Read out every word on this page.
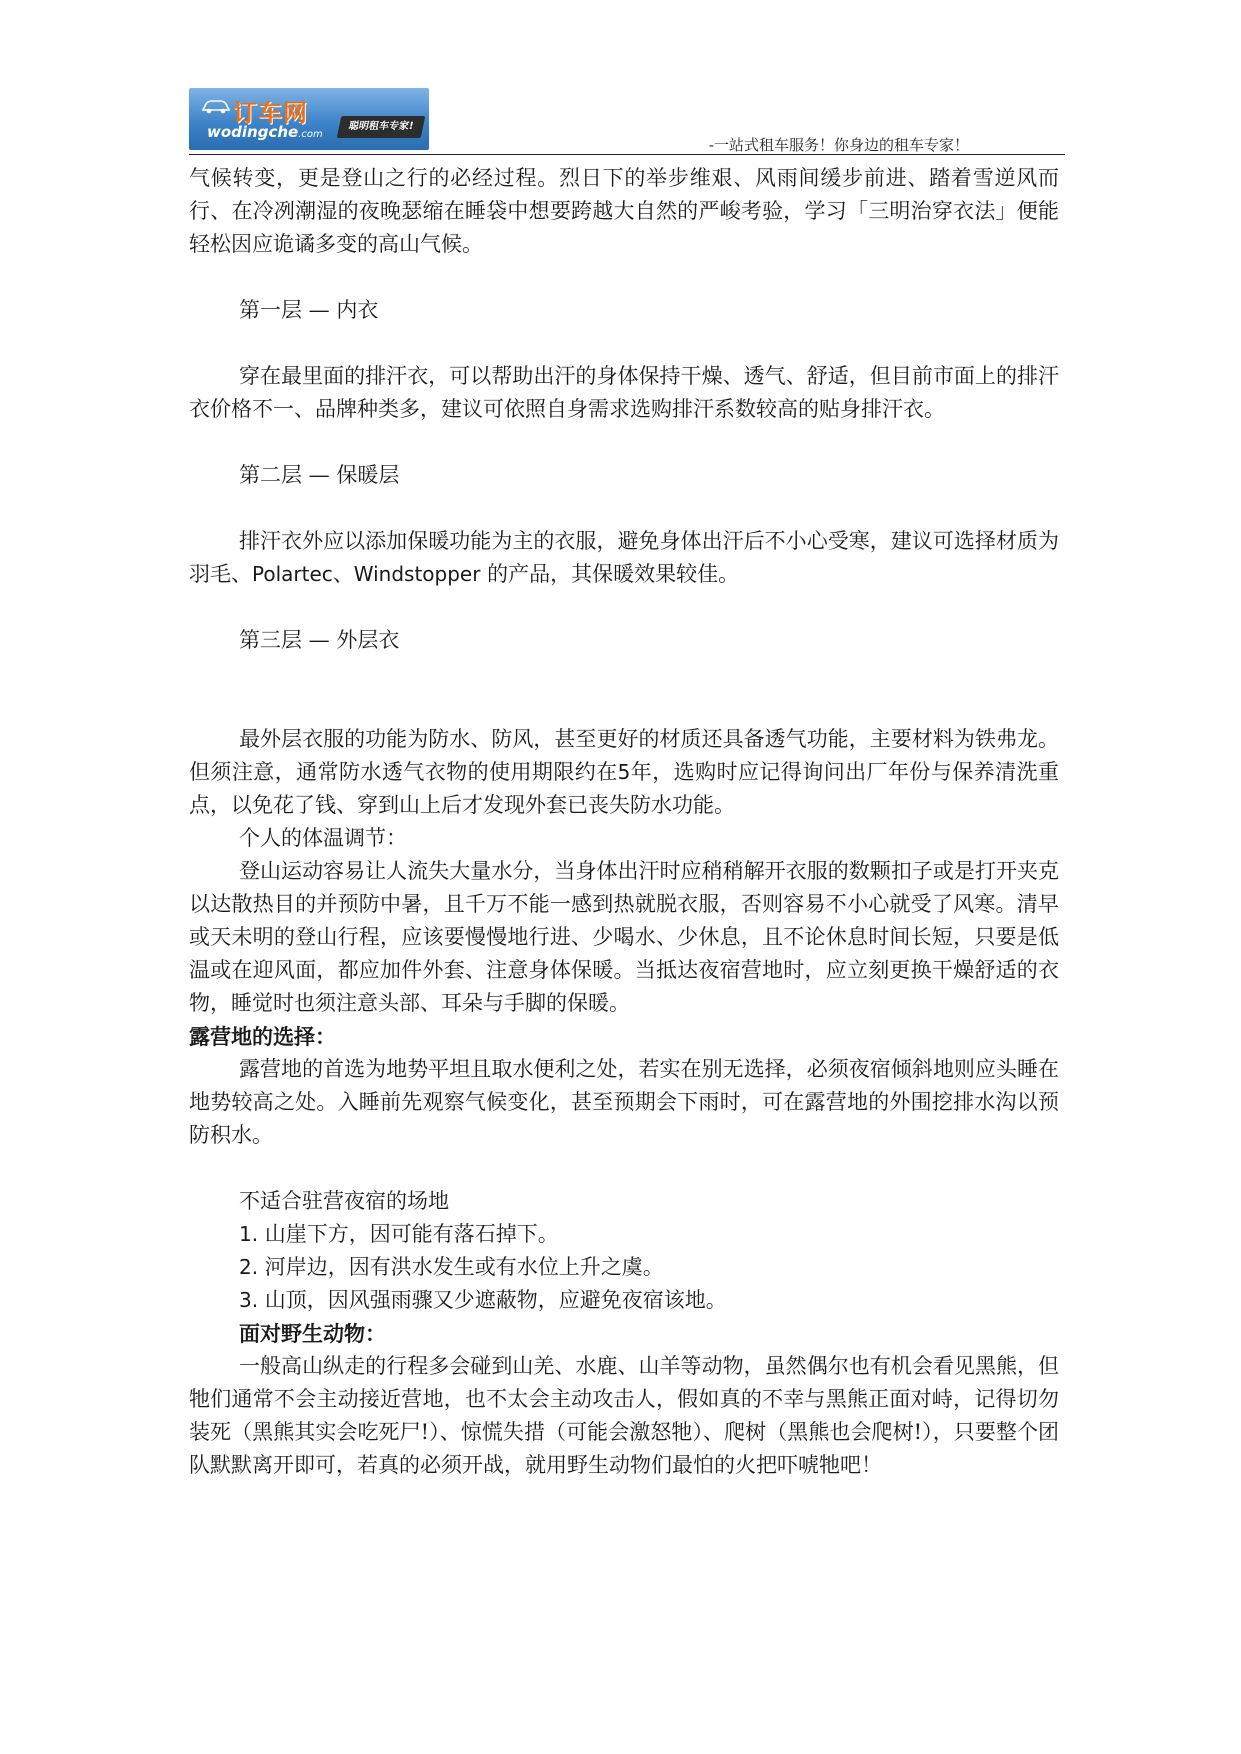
订车网
wodingche.com
聪明租车专家!
-一站式租车服务！你身边的租车专家！

气候转变，更是登山之行的必经过程。烈日下的举步维艰、风雨间缓步前进、踏着雪逆风而行、在冷冽潮湿的夜晚瑟缩在睡袋中想要跨越大自然的严峻考验，学习「三明治穿衣法」便能轻松因应诡谲多变的高山气候。

第一层 — 内衣

穿在最里面的排汗衣，可以帮助出汗的身体保持干燥、透气、舒适，但目前市面上的排汗衣价格不一、品牌种类多，建议可依照自身需求选购排汗系数较高的贴身排汗衣。

第二层 — 保暖层

排汗衣外应以添加保暖功能为主的衣服，避免身体出汗后不小心受寒，建议可选择材质为羽毛、Polartec、Windstopper 的产品，其保暖效果较佳。

第三层 — 外层衣

最外层衣服的功能为防水、防风，甚至更好的材质还具备透气功能，主要材料为铁弗龙。但须注意，通常防水透气衣物的使用期限约在5年，选购时应记得询问出厂年份与保养清洗重点，以免花了钱、穿到山上后才发现外套已丧失防水功能。

个人的体温调节：

登山运动容易让人流失大量水分，当身体出汗时应稍稍解开衣服的数颗扣子或是打开夹克以达散热目的并预防中暑，且千万不能一感到热就脱衣服，否则容易不小心就受了风寒。清早或天未明的登山行程，应该要慢慢地行进、少喝水、少休息，且不论休息时间长短，只要是低温或在迎风面，都应加件外套、注意身体保暖。当抵达夜宿营地时，应立刻更换干燥舒适的衣物，睡觉时也须注意头部、耳朵与手脚的保暖。

露营地的选择：

露营地的首选为地势平坦且取水便利之处，若实在别无选择，必须夜宿倾斜地则应头睡在地势较高之处。入睡前先观察气候变化，甚至预期会下雨时，可在露营地的外围挖排水沟以预防积水。

不适合驻营夜宿的场地

1. 山崖下方，因可能有落石掉下。

2. 河岸边，因有洪水发生或有水位上升之虞。

3. 山顶，因风强雨骤又少遮蔽物，应避免夜宿该地。

面对野生动物：

一般高山纵走的行程多会碰到山羌、水鹿、山羊等动物，虽然偶尔也有机会看见黑熊，但牠们通常不会主动接近营地，也不太会主动攻击人，假如真的不幸与黑熊正面对峙，记得切勿装死（黑熊其实会吃死尸!）、惊慌失措（可能会激怒牠）、爬树（黑熊也会爬树!），只要整个团队默默离开即可，若真的必须开战，就用野生动物们最怕的火把吓唬牠吧！
